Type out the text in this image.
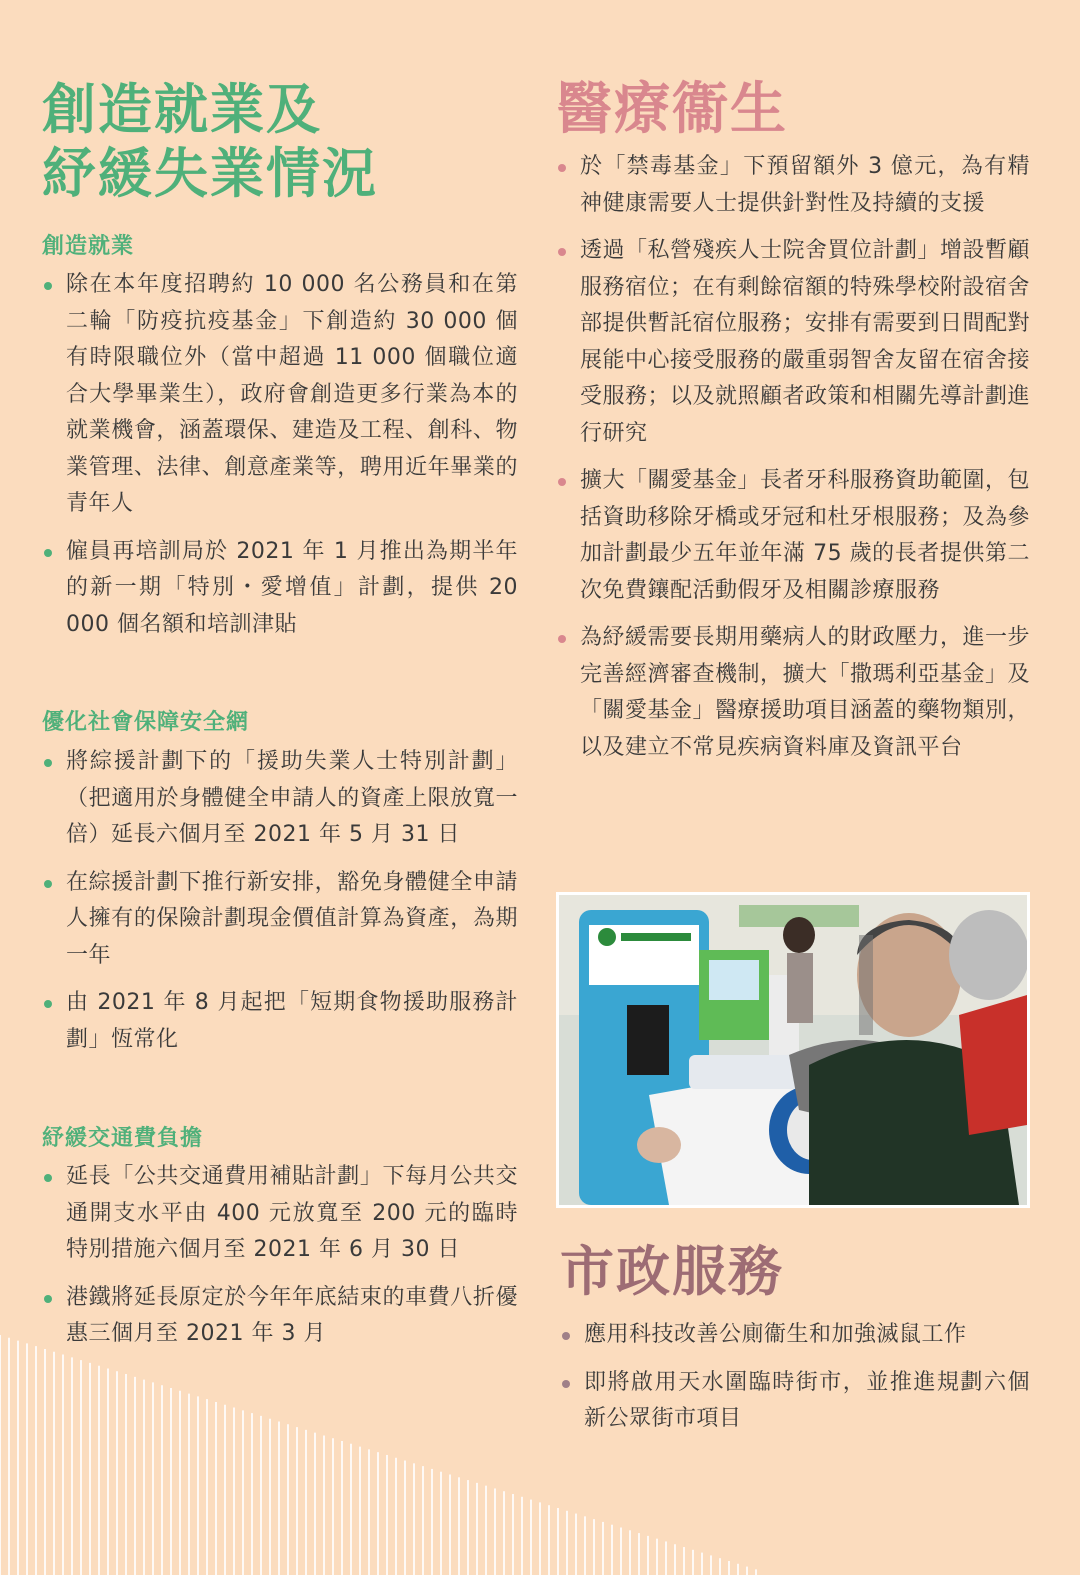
創造就業及
紓緩失業情況
創造就業
除在本年度招聘約 10 000 名公務員和在第二輪「防疫抗疫基金」下創造約 30 000 個有時限職位外（當中超過 11 000 個職位適合大學畢業生），政府會創造更多行業為本的就業機會，涵蓋環保、建造及工程、創科、物業管理、法律、創意產業等，聘用近年畢業的青年人
僱員再培訓局於 2021 年 1 月推出為期半年的新一期「特別・愛增值」計劃，提供 20 000 個名額和培訓津貼
優化社會保障安全網
將綜援計劃下的「援助失業人士特別計劃」（把適用於身體健全申請人的資產上限放寬一倍）延長六個月至 2021 年 5 月 31 日
在綜援計劃下推行新安排，豁免身體健全申請人擁有的保險計劃現金價值計算為資產，為期一年
由 2021 年 8 月起把「短期食物援助服務計劃」恆常化
紓緩交通費負擔
延長「公共交通費用補貼計劃」下每月公共交通開支水平由 400 元放寬至 200 元的臨時特別措施六個月至 2021 年 6 月 30 日
港鐵將延長原定於今年年底結束的車費八折優惠三個月至 2021 年 3 月
醫療衞生
於「禁毒基金」下預留額外 3 億元，為有精神健康需要人士提供針對性及持續的支援
透過「私營殘疾人士院舍買位計劃」增設暫顧服務宿位；在有剩餘宿額的特殊學校附設宿舍部提供暫託宿位服務；安排有需要到日間配對展能中心接受服務的嚴重弱智舍友留在宿舍接受服務；以及就照顧者政策和相關先導計劃進行研究
擴大「關愛基金」長者牙科服務資助範圍，包括資助移除牙橋或牙冠和杜牙根服務；及為參加計劃最少五年並年滿 75 歲的長者提供第二次免費鑲配活動假牙及相關診療服務
為紓緩需要長期用藥病人的財政壓力，進一步完善經濟審查機制，擴大「撒瑪利亞基金」及「關愛基金」醫療援助項目涵蓋的藥物類別，以及建立不常見疾病資料庫及資訊平台
市政服務
應用科技改善公廁衞生和加強滅鼠工作
即將啟用天水圍臨時街市，並推進規劃六個新公眾街市項目
